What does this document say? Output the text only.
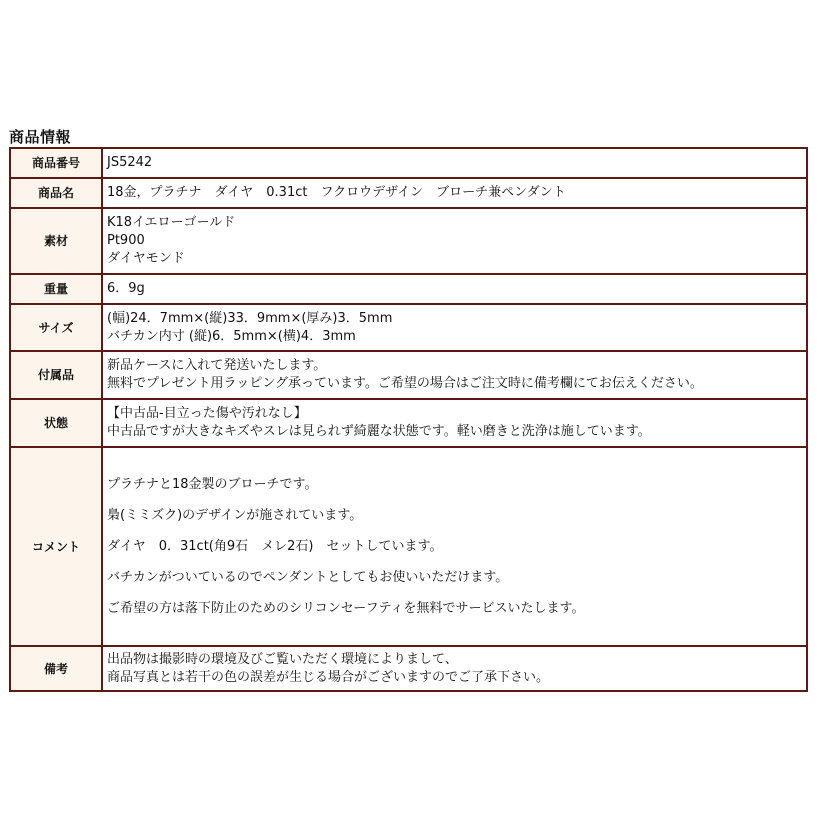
商品情報
商品番号	JS5242

商品名	18金，プラチナ　ダイヤ　0.31ct　フクロウデザイン　ブローチ兼ペンダント

素材	K18イエローゴールド
Pt900
ダイヤモンド

重量	6．9g

サイズ	(幅)24．7mm×(縦)33．9mm×(厚み)3．5mm
バチカン内寸 (縦)6．5mm×(横)4．3mm

付属品	新品ケースに入れて発送いたします。
無料でプレゼント用ラッピング承っています。ご希望の場合はご注文時に備考欄にてお伝えください。

状態	【中古品-目立った傷や汚れなし】
中古品ですが大きなキズやスレは見られず綺麗な状態です。軽い磨きと洗浄は施しています。

コメント	プラチナと18金製のブローチです。
梟(ミミズク)のデザインが施されています。
ダイヤ　0．31ct(角9石　メレ2石)　セットしています。
バチカンがついているのでペンダントとしてもお使いいただけます。
ご希望の方は落下防止のためのシリコンセーフティを無料でサービスいたします。

備考	出品物は撮影時の環境及びご覧いただく環境によりまして、
商品写真とは若干の色の誤差が生じる場合がございますのでご了承下さい。
